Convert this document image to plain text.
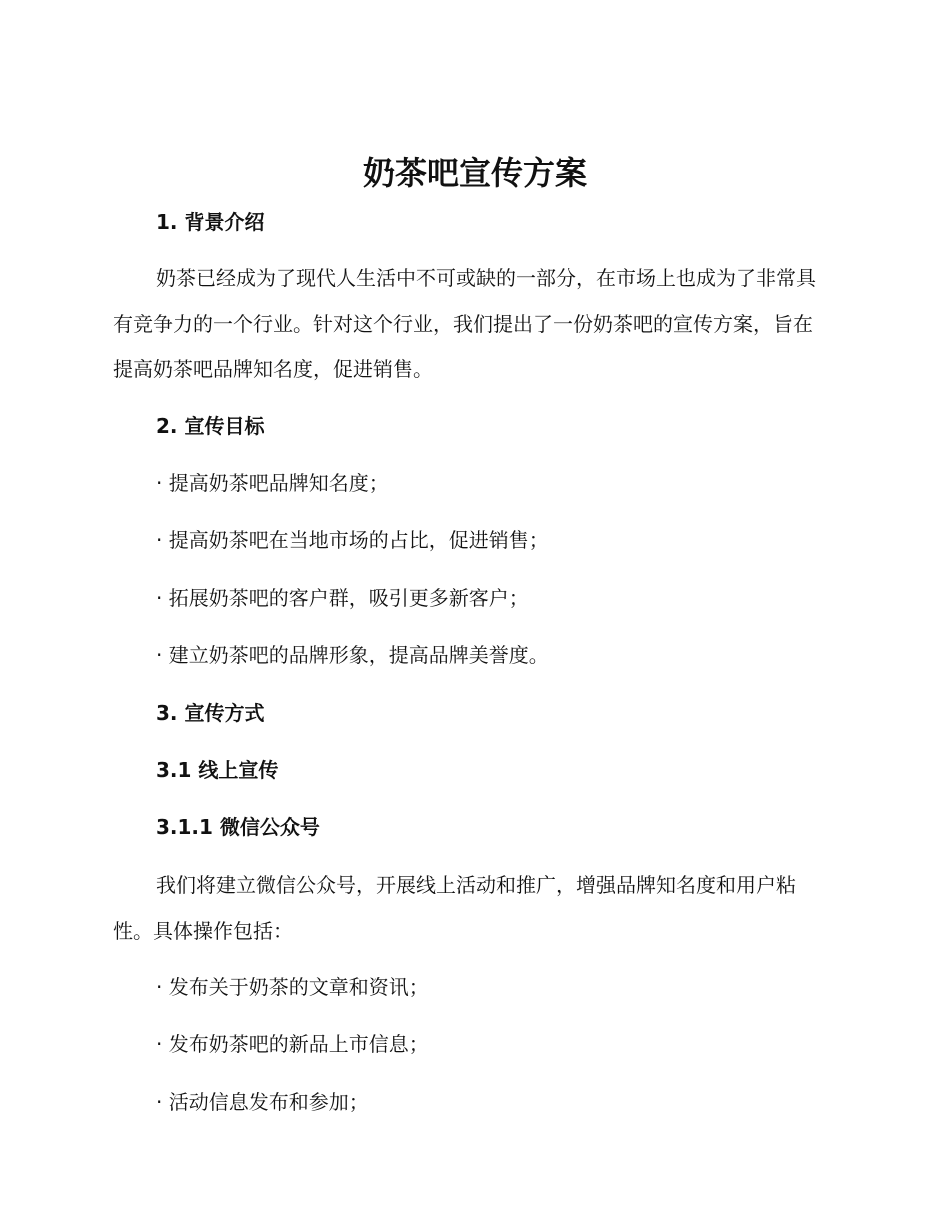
奶茶吧宣传方案
1. 背景介绍

奶茶已经成为了现代人生活中不可或缺的一部分，在市场上也成为了非常具有竞争力的一个行业。针对这个行业，我们提出了一份奶茶吧的宣传方案，旨在提高奶茶吧品牌知名度，促进销售。

2. 宣传目标
· 提高奶茶吧品牌知名度；
· 提高奶茶吧在当地市场的占比，促进销售；
· 拓展奶茶吧的客户群，吸引更多新客户；
· 建立奶茶吧的品牌形象，提高品牌美誉度。
3. 宣传方式
3.1 线上宣传
3.1.1 微信公众号

我们将建立微信公众号，开展线上活动和推广，增强品牌知名度和用户粘性。具体操作包括：

· 发布关于奶茶的文章和资讯；
· 发布奶茶吧的新品上市信息；
· 活动信息发布和参加；
